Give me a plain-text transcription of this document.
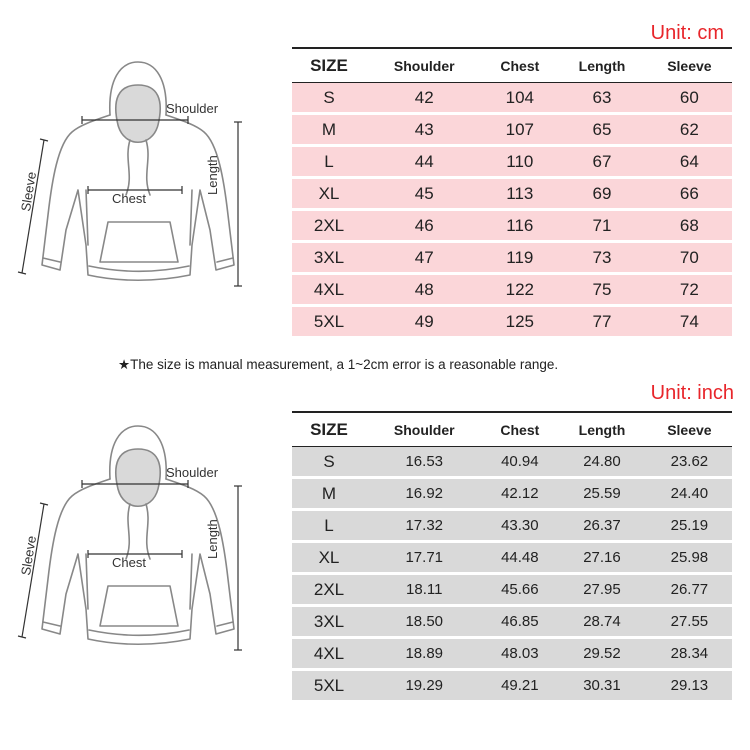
Unit: cm
Shoulder
Chest
Length
Sleeve
SIZE	Shoulder	Chest	Length	Sleeve
S	42	104	63	60
M	43	107	65	62
L	44	110	67	64
XL	45	113	69	66
2XL	46	116	71	68
3XL	47	119	73	70
4XL	48	122	75	72
5XL	49	125	77	74
★The size is manual measurement, a 1~2cm error is a reasonable range.
Unit: inch
Shoulder
Chest
Length
Sleeve
SIZE	Shoulder	Chest	Length	Sleeve
S	16.53	40.94	24.80	23.62
M	16.92	42.12	25.59	24.40
L	17.32	43.30	26.37	25.19
XL	17.71	44.48	27.16	25.98
2XL	18.11	45.66	27.95	26.77
3XL	18.50	46.85	28.74	27.55
4XL	18.89	48.03	29.52	28.34
5XL	19.29	49.21	30.31	29.13
